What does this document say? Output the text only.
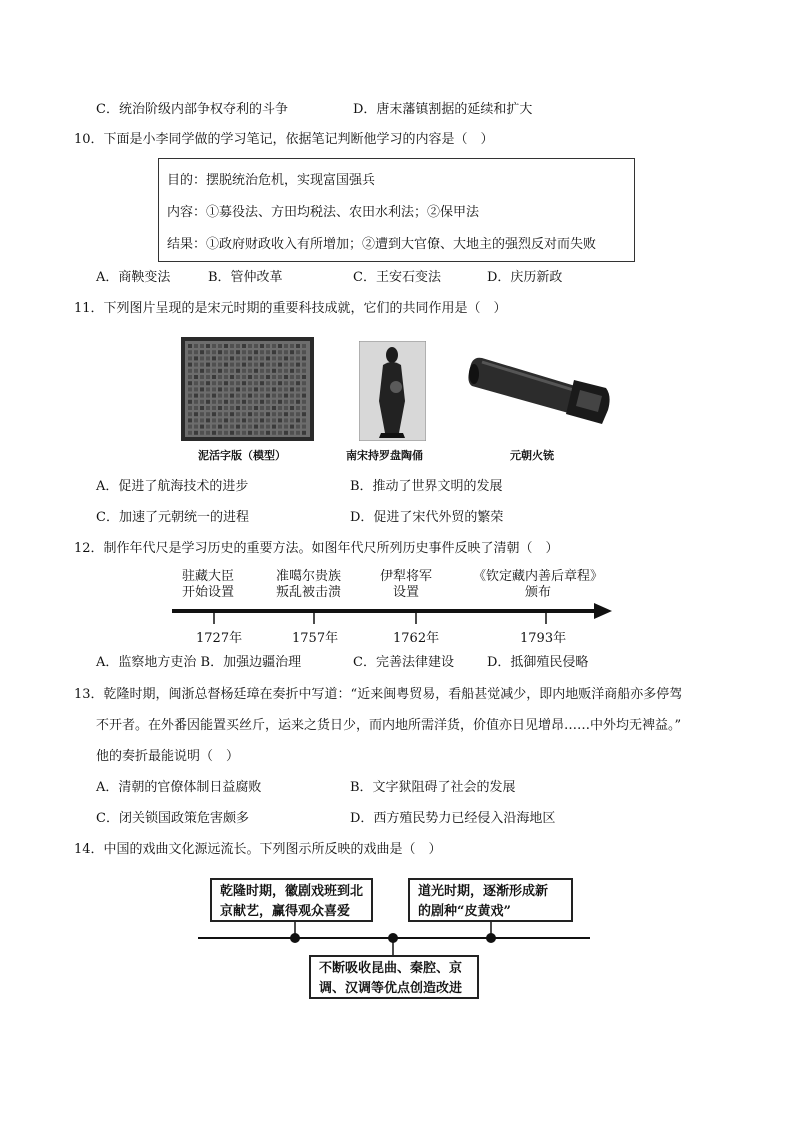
C．统治阶级内部争权夺利的斗争	D．唐末藩镇割据的延续和扩大
10．下面是小李同学做的学习笔记，依据笔记判断他学习的内容是（　）
目的：摆脱统治危机，实现富国强兵
内容：①募役法、方田均税法、农田水利法；②保甲法
结果：①政府财政收入有所增加；②遭到大官僚、大地主的强烈反对而失败
A．商鞅变法	B．管仲改革	C．王安石变法	D．庆历新政
11．下列图片呈现的是宋元时期的重要科技成就，它们的共同作用是（　）
泥活字版（模型）	南宋持罗盘陶俑	元朝火铳
A．促进了航海技术的进步	B．推动了世界文明的发展
C．加速了元朝统一的进程	D．促进了宋代外贸的繁荣
12．制作年代尺是学习历史的重要方法。如图年代尺所列历史事件反映了清朝（　）
驻藏大臣
开始设置
准噶尔贵族
叛乱被击溃
伊犁将军
设置
《钦定藏内善后章程》
颁布
1727年	1757年	1762年	1793年
A．监察地方吏治 B．加强边疆治理	C．完善法律建设	D．抵御殖民侵略
13．乾隆时期，闽浙总督杨廷璋在奏折中写道：“近来闽粤贸易，看船甚觉减少，即内地贩洋商船亦多停驾
不开者。在外番因能置买丝斤，运来之货日少，而内地所需洋货，价值亦日见增昂……中外均无裨益。”
他的奏折最能说明（　）
A．清朝的官僚体制日益腐败	B．文字狱阻碍了社会的发展
C．闭关锁国政策危害颇多	D．西方殖民势力已经侵入沿海地区
14．中国的戏曲文化源远流长。下列图示所反映的戏曲是（　）
乾隆时期，徽剧戏班到北
京献艺，赢得观众喜爱
道光时期，逐渐形成新
的剧种“皮黄戏”
不断吸收昆曲、秦腔、京
调、汉调等优点创造改进
